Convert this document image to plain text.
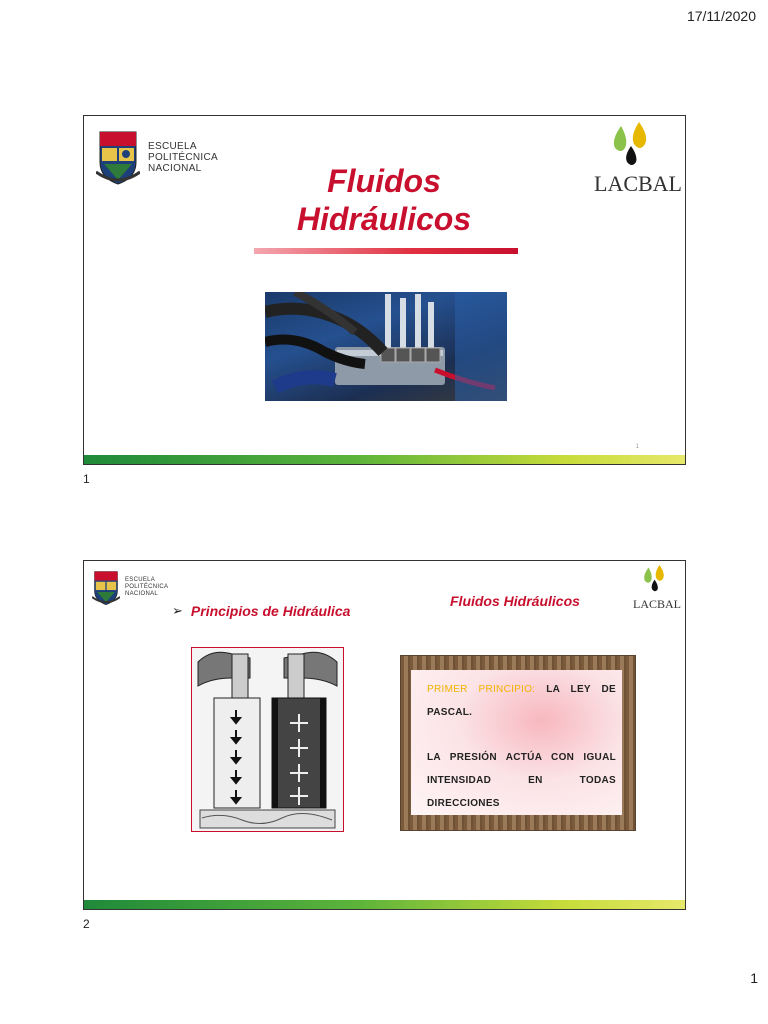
17/11/2020
ESCUELA
POLITÉCNICA
NACIONAL
LACBAL
Fluidos
Hidráulicos
1
1
ESCUELA
POLITÉCNICA
NACIONAL
LACBAL
Fluidos Hidráulicos
➢ Principios de Hidráulica
PRIMER PRINCIPIO: LA LEY DE PASCAL.
LA PRESIÓN ACTÚA CON IGUAL INTENSIDAD EN TODAS DIRECCIONES
2
1
